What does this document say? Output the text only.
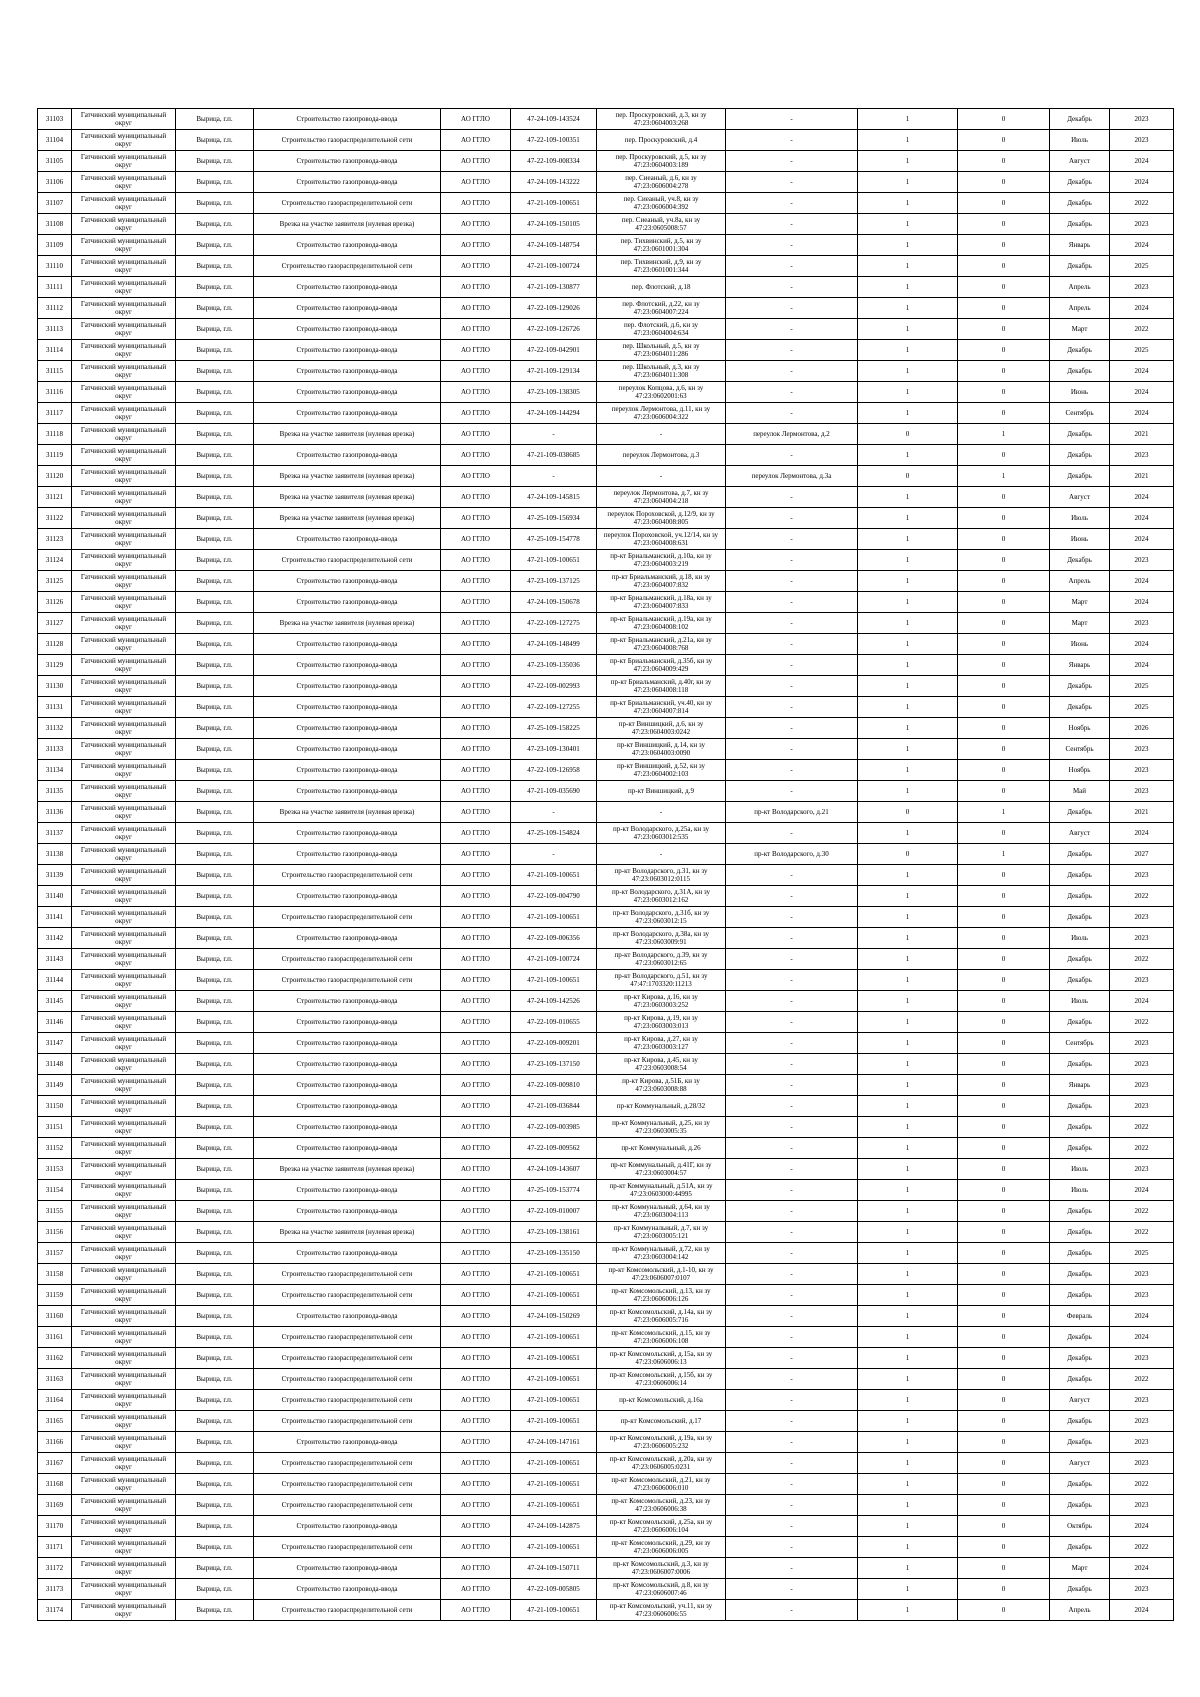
31103	Гатчинский муниципальный округ	Вырица, г.п.	Строительство газопровода-ввода	АО ГГЛО	47-24-109-143524	пер. Проскуровский, д.3, кн зу 47:23:0604003:268	-	1	0	Декабрь	2023
31104	Гатчинский муниципальный округ	Вырица, г.п.	Строительство газораспределительной сети	АО ГГЛО	47-22-109-100351	пер. Проскуровский, д.4	-	1	0	Июль	2023
31105	Гатчинский муниципальный округ	Вырица, г.п.	Строительство газопровода-ввода	АО ГГЛО	47-22-109-008334	пер. Проскуровский, д.5, кн зу 47:23:0604003:189	-	1	0	Август	2024
31106	Гатчинский муниципальный округ	Вырица, г.п.	Строительство газопровода-ввода	АО ГГЛО	47-24-109-143222	пер. Сиеаный, д.6, кн зу 47:23:0606004:278	-	1	0	Декабрь	2024
31107	Гатчинский муниципальный округ	Вырица, г.п.	Строительство газораспределительной сети	АО ГГЛО	47-21-109-100651	пер. Сиеаный, уч.8, кн зу 47:23:0606004:392	-	1	0	Декабрь	2022
31108	Гатчинский муниципальный округ	Вырица, г.п.	Врезка на участке заявителя (нулевая врезка)	АО ГГЛО	47-24-109-150105	пер. Сиеаный, уч.8а, кн зу 47:23:0605008:57	-	1	0	Декабрь	2023
31109	Гатчинский муниципальный округ	Вырица, г.п.	Строительство газопровода-ввода	АО ГГЛО	47-24-109-148754	пер. Тихвинский, д.5, кн зу 47:23:0601001:304	-	1	0	Январь	2024
31110	Гатчинский муниципальный округ	Вырица, г.п.	Строительство газораспределительной сети	АО ГГЛО	47-21-109-100724	пер. Тихвинский, д.9, кн зу 47:23:0601001:344	-	1	0	Декабрь	2025
31111	Гатчинский муниципальный округ	Вырица, г.п.	Строительство газопровода-ввода	АО ГГЛО	47-21-109-130877	пер. Флотский, д.18	-	1	0	Апрель	2023
31112	Гатчинский муниципальный округ	Вырица, г.п.	Строительство газопровода-ввода	АО ГГЛО	47-22-109-129026	пер. Флотский, д.22, кн зу 47:23:0604007:224	-	1	0	Апрель	2024
31113	Гатчинский муниципальный округ	Вырица, г.п.	Строительство газопровода-ввода	АО ГГЛО	47-22-109-126726	пер. Флотский, д.6, кн зу 47:23:0604004:634	-	1	0	Март	2022
31114	Гатчинский муниципальный округ	Вырица, г.п.	Строительство газопровода-ввода	АО ГГЛО	47-22-109-042901	пер. Школьный, д.5, кн зу 47:23:0604011:286	-	1	0	Декабрь	2025
31115	Гатчинский муниципальный округ	Вырица, г.п.	Строительство газопровода-ввода	АО ГГЛО	47-21-109-129134	пер. Школьный, д.3, кн зу 47:23:0604011:308	-	1	0	Декабрь	2024
31116	Гатчинский муниципальный округ	Вырица, г.п.	Строительство газопровода-ввода	АО ГГЛО	47-23-109-138305	переулок Копцова, д.6, кн зу 47:23:0602001:63	-	1	0	Июнь	2024
31117	Гатчинский муниципальный округ	Вырица, г.п.	Строительство газопровода-ввода	АО ГГЛО	47-24-109-144294	переулок Лермонтова, д.11, кн зу 47:23:0606004:322	-	1	0	Сентябрь	2024
31118	Гатчинский муниципальный округ	Вырица, г.п.	Врезка на участке заявителя (нулевая врезка)	АО ГГЛО	-	-	переулок Лермонтова, д.2	0	1	Декабрь	2021
31119	Гатчинский муниципальный округ	Вырица, г.п.	Строительство газопровода-ввода	АО ГГЛО	47-21-109-038685	переулок Лермонтова, д.3	-	1	0	Декабрь	2023
31120	Гатчинский муниципальный округ	Вырица, г.п.	Врезка на участке заявителя (нулевая врезка)	АО ГГЛО	-	-	переулок Лермонтова, д.3а	0	1	Декабрь	2021
31121	Гатчинский муниципальный округ	Вырица, г.п.	Врезка на участке заявителя (нулевая врезка)	АО ГГЛО	47-24-109-145815	переулок Лермонтова, д.7, кн зу 47:23:0604004:218	-	1	0	Август	2024
31122	Гатчинский муниципальный округ	Вырица, г.п.	Врезка на участке заявителя (нулевая врезка)	АО ГГЛО	47-25-109-156934	переулок Пороховской, д.12/9, кн зу 47:23:0604008:805	-	1	0	Июль	2024
31123	Гатчинский муниципальный округ	Вырица, г.п.	Строительство газопровода-ввода	АО ГГЛО	47-25-109-154778	переулок Пороховской, уч.12/14, кн зу 47:23:0604008:631	-	1	0	Июнь	2024
31124	Гатчинский муниципальный округ	Вырица, г.п.	Строительство газораспределительной сети	АО ГГЛО	47-21-109-100651	пр-кт Бриальманский, д.10а, кн зу 47:23:0604003:219	-	1	0	Декабрь	2023
31125	Гатчинский муниципальный округ	Вырица, г.п.	Строительство газопровода-ввода	АО ГГЛО	47-23-109-137125	пр-кт Бриальманский, д.18, кн зу 47:23:0604007:832	-	1	0	Апрель	2024
31126	Гатчинский муниципальный округ	Вырица, г.п.	Строительство газопровода-ввода	АО ГГЛО	47-24-109-150678	пр-кт Бриальманский, д.18а, кн зу 47:23:0604007:833	-	1	0	Март	2024
31127	Гатчинский муниципальный округ	Вырица, г.п.	Врезка на участке заявителя (нулевая врезка)	АО ГГЛО	47-22-109-127275	пр-кт Бриальманский, д.19а, кн зу 47:23:0604008:102	-	1	0	Март	2023
31128	Гатчинский муниципальный округ	Вырица, г.п.	Строительство газопровода-ввода	АО ГГЛО	47-24-109-148499	пр-кт Бриальманский, д.21а, кн зу 47:23:0604008:768	-	1	0	Июнь	2024
31129	Гатчинский муниципальный округ	Вырица, г.п.	Строительство газопровода-ввода	АО ГГЛО	47-23-109-135036	пр-кт Бриальманский, д.35б, кн зу 47:23:0604009:429	-	1	0	Январь	2024
31130	Гатчинский муниципальный округ	Вырица, г.п.	Строительство газопровода-ввода	АО ГГЛО	47-22-109-002993	пр-кт Бриальманский, д.40г, кн зу 47:23:0604008:118	-	1	0	Декабрь	2025
31131	Гатчинский муниципальный округ	Вырица, г.п.	Строительство газопровода-ввода	АО ГГЛО	47-22-109-127255	пр-кт Бриальманский, уч.40, кн зу 47:23:0604007:814	-	1	0	Декабрь	2025
31132	Гатчинский муниципальный округ	Вырица, г.п.	Строительство газопровода-ввода	АО ГГЛО	47-25-109-158225	пр-кт Виншицкий, д.6, кн зу 47:23:0604003:0242	-	1	0	Ноябрь	2026
31133	Гатчинский муниципальный округ	Вырица, г.п.	Строительство газопровода-ввода	АО ГГЛО	47-23-109-130401	пр-кт Виншицкий, д.14, кн зу 47:23:0604003:0090	-	1	0	Сентябрь	2023
31134	Гатчинский муниципальный округ	Вырица, г.п.	Строительство газопровода-ввода	АО ГГЛО	47-22-109-126958	пр-кт Виншицкий, д.52, кн зу 47:23:0604002:103	-	1	0	Ноябрь	2023
31135	Гатчинский муниципальный округ	Вырица, г.п.	Строительство газопровода-ввода	АО ГГЛО	47-21-109-035690	пр-кт Виншицкий, д.9	-	1	0	Май	2023
31136	Гатчинский муниципальный округ	Вырица, г.п.	Врезка на участке заявителя (нулевая врезка)	АО ГГЛО	-	-	пр-кт Володарского, д.21	0	1	Декабрь	2021
31137	Гатчинский муниципальный округ	Вырица, г.п.	Строительство газопровода-ввода	АО ГГЛО	47-25-109-154824	пр-кт Володарского, д.25а, кн зу 47:23:0603012:535	-	1	0	Август	2024
31138	Гатчинский муниципальный округ	Вырица, г.п.	Строительство газопровода-ввода	АО ГГЛО	-	-	пр-кт Володарского, д.30	0	1	Декабрь	2027
31139	Гатчинский муниципальный округ	Вырица, г.п.	Строительство газораспределительной сети	АО ГГЛО	47-21-109-100651	пр-кт Володарского, д.31, кн зу 47:23:0603012:0115	-	1	0	Декабрь	2023
31140	Гатчинский муниципальный округ	Вырица, г.п.	Строительство газопровода-ввода	АО ГГЛО	47-22-109-004790	пр-кт Володарского, д.31А, кн зу 47:23:0603012:162	-	1	0	Декабрь	2022
31141	Гатчинский муниципальный округ	Вырица, г.п.	Строительство газораспределительной сети	АО ГГЛО	47-21-109-100651	пр-кт Володарского, д.31б, кн зу 47:23:0603012:15	-	1	0	Декабрь	2023
31142	Гатчинский муниципальный округ	Вырица, г.п.	Строительство газопровода-ввода	АО ГГЛО	47-22-109-006356	пр-кт Володарского, д.38а, кн зу 47:23:0603009:91	-	1	0	Июль	2023
31143	Гатчинский муниципальный округ	Вырица, г.п.	Строительство газораспределительной сети	АО ГГЛО	47-21-109-100724	пр-кт Володарского, д.39, кн зу 47:23:0603012:65	-	1	0	Декабрь	2022
31144	Гатчинский муниципальный округ	Вырица, г.п.	Строительство газораспределительной сети	АО ГГЛО	47-21-109-100651	пр-кт Володарского, д.51, кн зу 47:47:1703320:11213	-	1	0	Декабрь	2023
31145	Гатчинский муниципальный округ	Вырица, г.п.	Строительство газопровода-ввода	АО ГГЛО	47-24-109-142526	пр-кт Кирова, д.16, кн зу 47:23:0603003:252	-	1	0	Июль	2024
31146	Гатчинский муниципальный округ	Вырица, г.п.	Строительство газопровода-ввода	АО ГГЛО	47-22-109-010655	пр-кт Кирова, д.19, кн зу 47:23:0603003:013	-	1	0	Декабрь	2022
31147	Гатчинский муниципальный округ	Вырица, г.п.	Строительство газопровода-ввода	АО ГГЛО	47-22-109-009201	пр-кт Кирова, д.27, кн зу 47:23:0603003:127	-	1	0	Сентябрь	2023
31148	Гатчинский муниципальный округ	Вырица, г.п.	Строительство газопровода-ввода	АО ГГЛО	47-23-109-137150	пр-кт Кирова, д.45, кн зу 47:23:0603008:54	-	1	0	Декабрь	2023
31149	Гатчинский муниципальный округ	Вырица, г.п.	Строительство газопровода-ввода	АО ГГЛО	47-22-109-009810	пр-кт Кирова, д.51Б, кн зу 47:23:0603008:88	-	1	0	Январь	2023
31150	Гатчинский муниципальный округ	Вырица, г.п.	Строительство газопровода-ввода	АО ГГЛО	47-21-109-036844	пр-кт Коммунальный, д.28/32	-	1	0	Декабрь	2023
31151	Гатчинский муниципальный округ	Вырица, г.п.	Строительство газопровода-ввода	АО ГГЛО	47-22-109-003985	пр-кт Коммунальный, д.25, кн зу 47:23:0603005:35	-	1	0	Декабрь	2022
31152	Гатчинский муниципальный округ	Вырица, г.п.	Строительство газопровода-ввода	АО ГГЛО	47-22-109-009562	пр-кт Коммунальный, д.26	-	1	0	Декабрь	2022
31153	Гатчинский муниципальный округ	Вырица, г.п.	Врезка на участке заявителя (нулевая врезка)	АО ГГЛО	47-24-109-143607	пр-кт Коммунальный, д.41Г, кн зу 47:23:0603004:57	-	1	0	Июль	2023
31154	Гатчинский муниципальный округ	Вырица, г.п.	Строительство газопровода-ввода	АО ГГЛО	47-25-109-153774	пр-кт Коммунальный, д.51А, кн зу 47:23:0603000:44995	-	1	0	Июль	2024
31155	Гатчинский муниципальный округ	Вырица, г.п.	Строительство газопровода-ввода	АО ГГЛО	47-22-109-010007	пр-кт Коммунальный, д.64, кн зу 47:23:0603004:113	-	1	0	Декабрь	2022
31156	Гатчинский муниципальный округ	Вырица, г.п.	Врезка на участке заявителя (нулевая врезка)	АО ГГЛО	47-23-109-138161	пр-кт Коммунальный, д.7, кн зу 47:23:0603005:121	-	1	0	Декабрь	2022
31157	Гатчинский муниципальный округ	Вырица, г.п.	Строительство газопровода-ввода	АО ГГЛО	47-23-109-135150	пр-кт Коммунальный, д.72, кн зу 47:23:0603004:142	-	1	0	Декабрь	2025
31158	Гатчинский муниципальный округ	Вырица, г.п.	Строительство газораспределительной сети	АО ГГЛО	47-21-109-100651	пр-кт Комсомольский, д.1-10, кн зу 47:23:0606007:0107	-	1	0	Декабрь	2023
31159	Гатчинский муниципальный округ	Вырица, г.п.	Строительство газораспределительной сети	АО ГГЛО	47-21-109-100651	пр-кт Комсомольский, д.13, кн зу 47:23:0606006:126	-	1	0	Декабрь	2023
31160	Гатчинский муниципальный округ	Вырица, г.п.	Строительство газопровода-ввода	АО ГГЛО	47-24-109-150269	пр-кт Комсомольский, д.14а, кн зу 47:23:0606005:716	-	1	0	Февраль	2024
31161	Гатчинский муниципальный округ	Вырица, г.п.	Строительство газораспределительной сети	АО ГГЛО	47-21-109-100651	пр-кт Комсомольский, д.15, кн зу 47:23:0606006:108	-	1	0	Декабрь	2024
31162	Гатчинский муниципальный округ	Вырица, г.п.	Строительство газораспределительной сети	АО ГГЛО	47-21-109-100651	пр-кт Комсомольский, д.15а, кн зу 47:23:0606006:13	-	1	0	Декабрь	2023
31163	Гатчинский муниципальный округ	Вырица, г.п.	Строительство газораспределительной сети	АО ГГЛО	47-21-109-100651	пр-кт Комсомольский, д.15б, кн зу 47:23:0606006:14	-	1	0	Декабрь	2022
31164	Гатчинский муниципальный округ	Вырица, г.п.	Строительство газораспределительной сети	АО ГГЛО	47-21-109-100651	пр-кт Комсомольский, д.16а	-	1	0	Август	2023
31165	Гатчинский муниципальный округ	Вырица, г.п.	Строительство газораспределительной сети	АО ГГЛО	47-21-109-100651	пр-кт Комсомольский, д.17	-	1	0	Декабрь	2023
31166	Гатчинский муниципальный округ	Вырица, г.п.	Строительство газопровода-ввода	АО ГГЛО	47-24-109-147161	пр-кт Комсомольский, д.19а, кн зу 47:23:0606005:232	-	1	0	Декабрь	2023
31167	Гатчинский муниципальный округ	Вырица, г.п.	Строительство газораспределительной сети	АО ГГЛО	47-21-109-100651	пр-кт Комсомольский, д.20а, кн зу 47:23:0606005:0231	-	1	0	Август	2023
31168	Гатчинский муниципальный округ	Вырица, г.п.	Строительство газораспределительной сети	АО ГГЛО	47-21-109-100651	пр-кт Комсомольский, д.21, кн зу 47:23:0606006:010	-	1	0	Декабрь	2022
31169	Гатчинский муниципальный округ	Вырица, г.п.	Строительство газораспределительной сети	АО ГГЛО	47-21-109-100651	пр-кт Комсомольский, д.23, кн зу 47:23:0606006:38	-	1	0	Декабрь	2023
31170	Гатчинский муниципальный округ	Вырица, г.п.	Строительство газопровода-ввода	АО ГГЛО	47-24-109-142875	пр-кт Комсомольский, д.25а, кн зу 47:23:0606006:104	-	1	0	Октябрь	2024
31171	Гатчинский муниципальный округ	Вырица, г.п.	Строительство газораспределительной сети	АО ГГЛО	47-21-109-100651	пр-кт Комсомольский, д.29, кн зу 47:23:0606006:005	-	1	0	Декабрь	2022
31172	Гатчинский муниципальный округ	Вырица, г.п.	Строительство газопровода-ввода	АО ГГЛО	47-24-109-150711	пр-кт Комсомольский, д.3, кн зу 47:23:0606007:0006	-	1	0	Март	2024
31173	Гатчинский муниципальный округ	Вырица, г.п.	Строительство газопровода-ввода	АО ГГЛО	47-22-109-005805	пр-кт Комсомольский, д.8, кн зу 47:23:0606007:46	-	1	0	Декабрь	2023
31174	Гатчинский муниципальный округ	Вырица, г.п.	Строительство газораспределительной сети	АО ГГЛО	47-21-109-100651	пр-кт Комсомольский, уч.11, кн зу 47:23:0606006:55	-	1	0	Апрель	2024
